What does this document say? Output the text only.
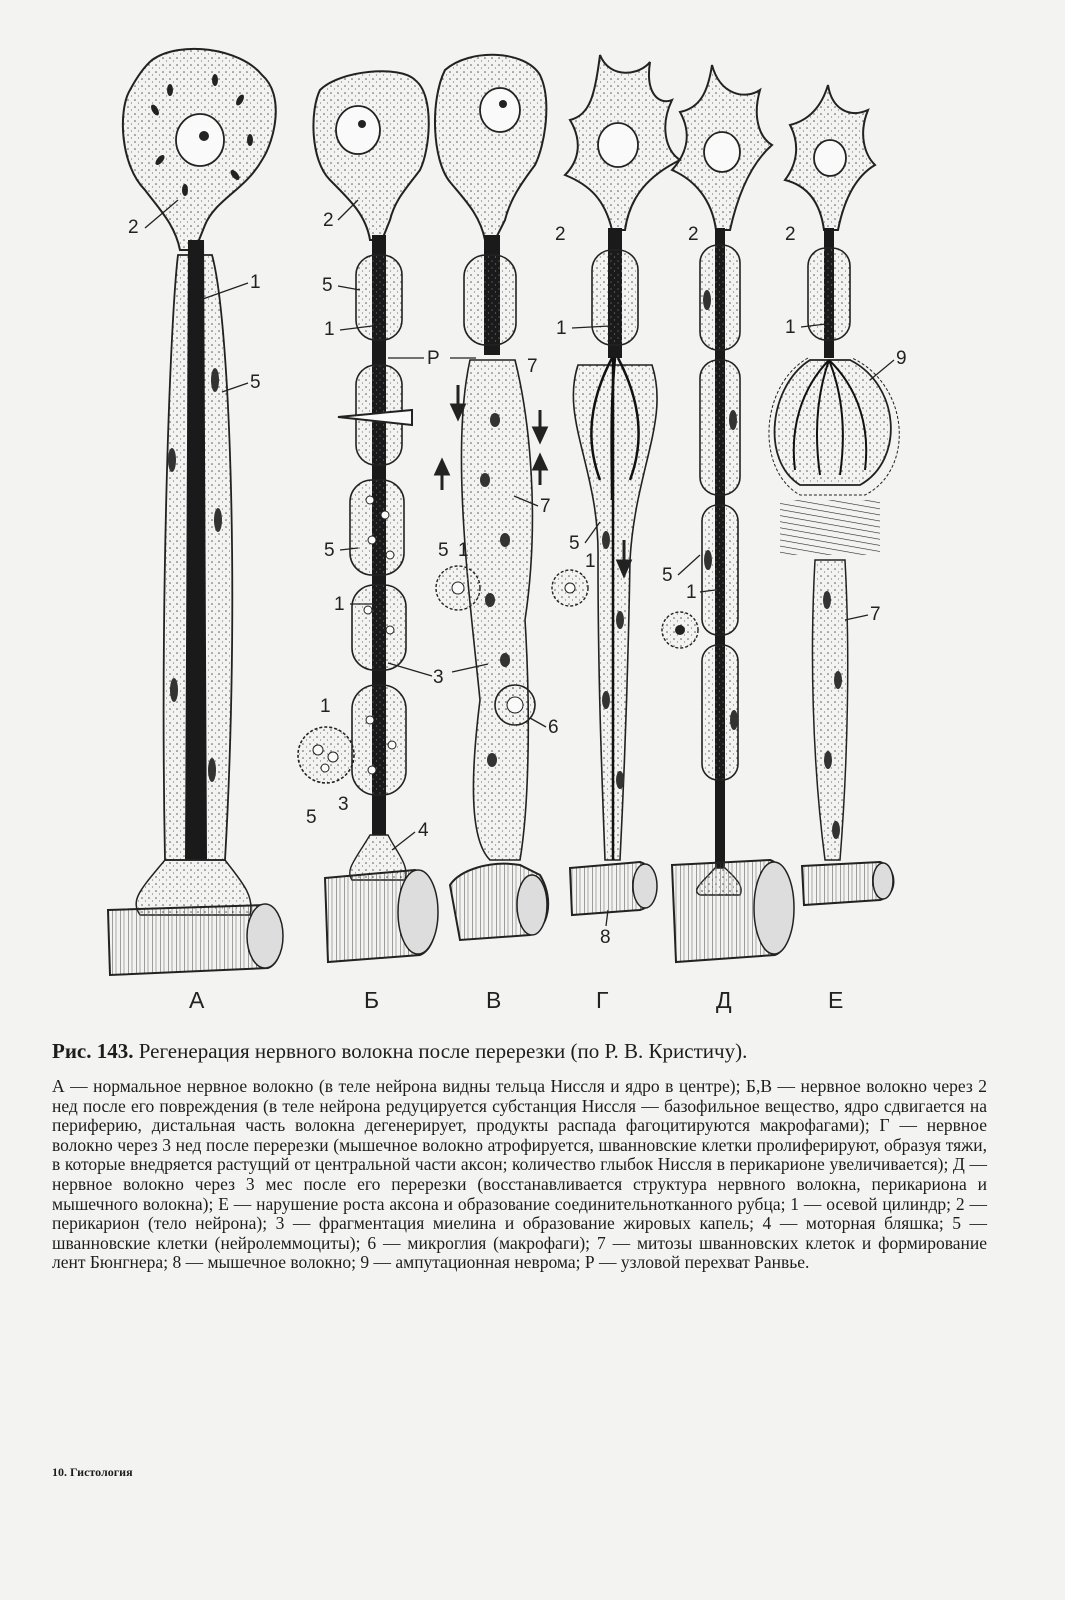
2
1
5
А
2
5
1
Р
5
1
1
5
3
4
Б
7
7
5 1
3
6
В
2
1
5
1
8
Г
5
1
Д
2
1
9
7
Е
2
Рис. 143. Регенерация нервного волокна после перерезки (по Р. В. Кристичу).
А — нормальное нервное волокно (в теле нейрона видны тельца Ниссля и ядро в центре); Б,В — нервное волокно через 2 нед после его повреждения (в теле нейрона редуцируется субстанция Ниссля — базофильное вещество, ядро сдвигается на периферию, дистальная часть волокна дегенерирует, продукты распада фагоцитируются макрофагами); Г — нервное волокно через 3 нед после перерезки (мышечное волокно атрофируется, шванновские клетки пролиферируют, образуя тяжи, в которые внедряется растущий от центральной части аксон; количество глыбок Ниссля в перикарионе увеличивается); Д — нервное волокно через 3 мес после его перерезки (восстанавливается структура нервного волокна, перикариона и мышечного волокна); Е — нарушение роста аксона и образование соединительнотканного рубца; 1 — осевой цилиндр; 2 — перикарион (тело нейрона); 3 — фрагментация миелина и образование жировых капель; 4 — моторная бляшка; 5 — шванновские клетки (нейролеммоциты); 6 — микроглия (макрофаги); 7 — митозы шванновских клеток и формирование лент Бюнгнера; 8 — мышечное волокно; 9 — ампутационная неврома; Р — узловой перехват Ранвье.
10. Гистология
